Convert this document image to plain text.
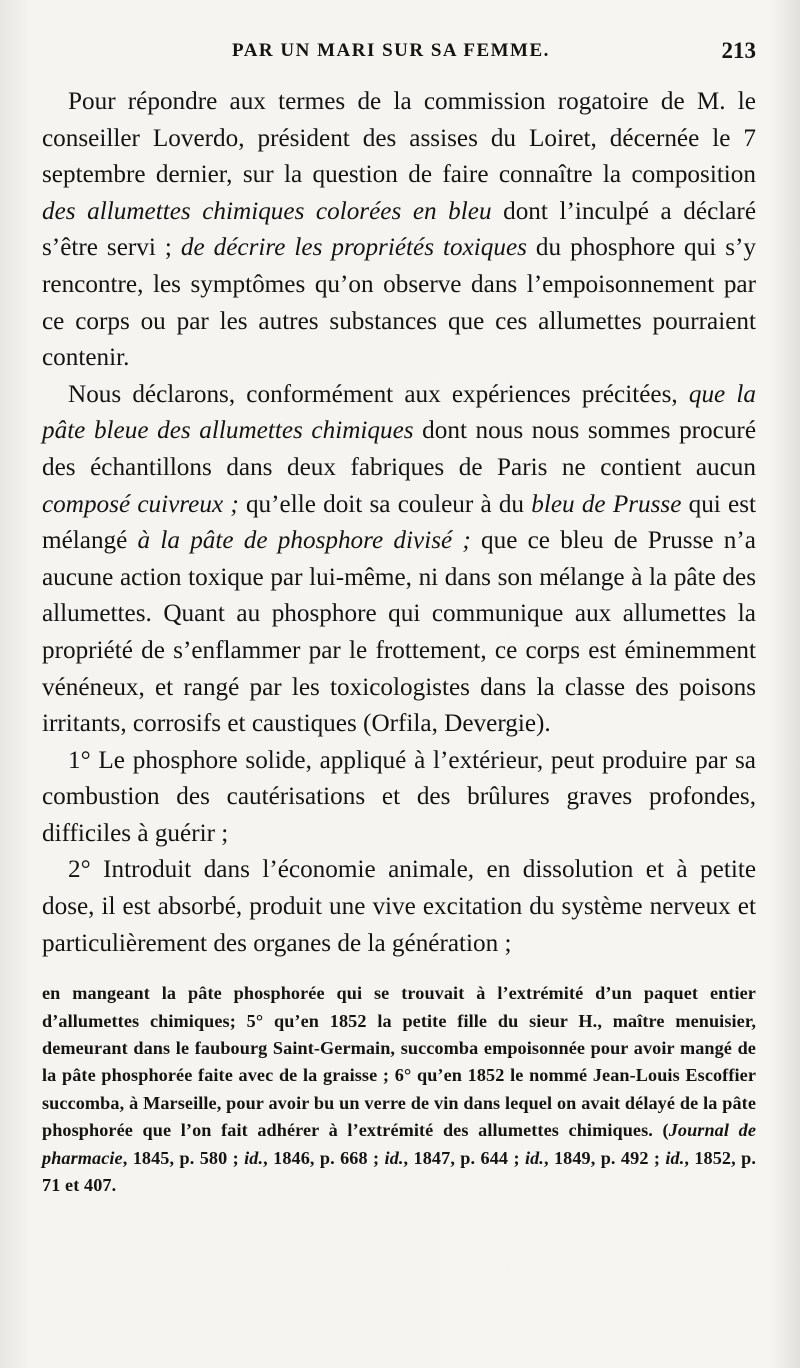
PAR UN MARI SUR SA FEMME.	213

Pour répondre aux termes de la commission rogatoire de M. le conseiller Loverdo, président des assises du Loiret, décernée le 7 septembre dernier, sur la question de faire connaître la composition des allumettes chimiques colorées en bleu dont l’inculpé a déclaré s’être servi ; de décrire les propriétés toxiques du phosphore qui s’y rencontre, les symptômes qu’on observe dans l’empoisonnement par ce corps ou par les autres substances que ces allumettes pourraient contenir.

Nous déclarons, conformément aux expériences précitées, que la pâte bleue des allumettes chimiques dont nous nous sommes procuré des échantillons dans deux fabriques de Paris ne contient aucun composé cuivreux ; qu’elle doit sa couleur à du bleu de Prusse qui est mélangé à la pâte de phosphore divisé ; que ce bleu de Prusse n’a aucune action toxique par lui-même, ni dans son mélange à la pâte des allumettes. Quant au phosphore qui communique aux allumettes la propriété de s’enflammer par le frottement, ce corps est éminemment vénéneux, et rangé par les toxicologistes dans la classe des poisons irritants, corrosifs et caustiques (Orfila, Devergie).

1° Le phosphore solide, appliqué à l’extérieur, peut produire par sa combustion des cautérisations et des brûlures graves profondes, difficiles à guérir ;

2° Introduit dans l’économie animale, en dissolution et à petite dose, il est absorbé, produit une vive excitation du système nerveux et particulièrement des organes de la génération ;

en mangeant la pâte phosphorée qui se trouvait à l’extrémité d’un paquet entier d’allumettes chimiques; 5° qu’en 1852 la petite fille du sieur H., maître menuisier, demeurant dans le faubourg Saint-Germain, succomba empoisonnée pour avoir mangé de la pâte phosphorée faite avec de la graisse ; 6° qu’en 1852 le nommé Jean-Louis Escoffier succomba, à Marseille, pour avoir bu un verre de vin dans lequel on avait délayé de la pâte phosphorée que l’on fait adhérer à l’extrémité des allumettes chimiques. (Journal de pharmacie, 1845, p. 580 ; id., 1846, p. 668 ; id., 1847, p. 644 ; id., 1849, p. 492 ; id., 1852, p. 71 et 407.
